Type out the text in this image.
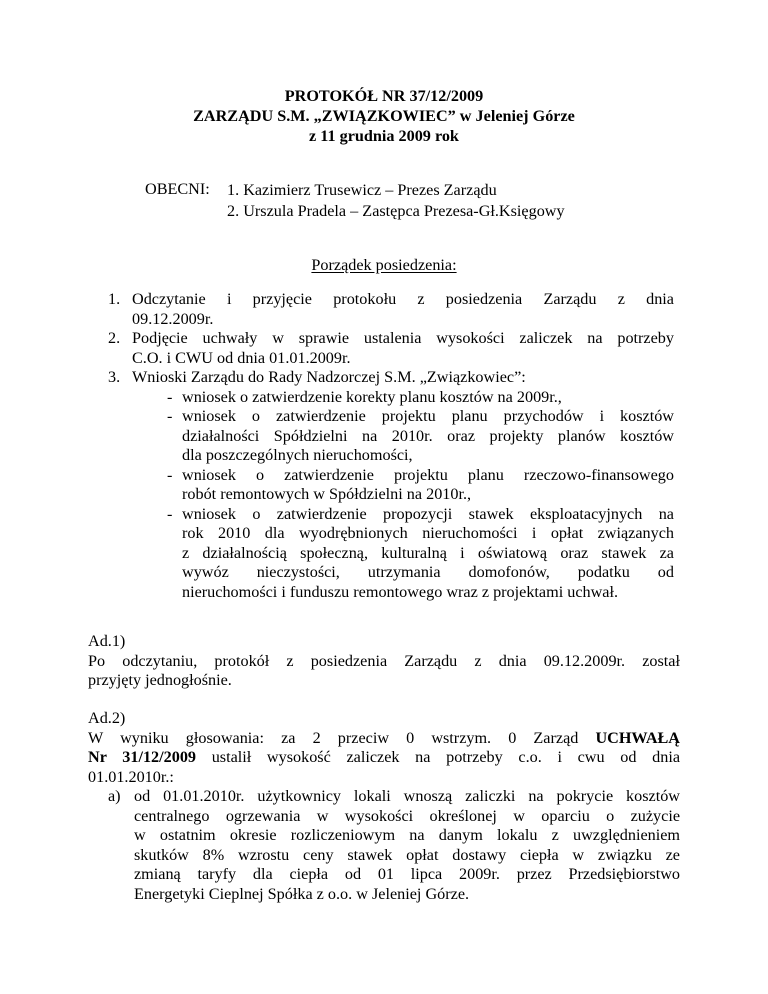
PROTOKÓŁ NR 37/12/2009
ZARZĄDU S.M. „ZWIĄZKOWIEC” w Jeleniej Górze
z 11 grudnia 2009 rok
OBECNI: 1. Kazimierz Trusewicz – Prezes Zarządu
2. Urszula Pradela – Zastępca Prezesa-Gł.Księgowy
Porządek posiedzenia:
1. Odczytanie i przyjęcie protokołu z posiedzenia Zarządu z dnia
09.12.2009r.
2. Podjęcie uchwały w sprawie ustalenia wysokości zaliczek na potrzeby
C.O. i CWU od dnia 01.01.2009r.
3. Wnioski Zarządu do Rady Nadzorczej S.M. „Związkowiec”:
- wniosek o zatwierdzenie korekty planu kosztów na 2009r.,
- wniosek o zatwierdzenie projektu planu przychodów i kosztów
działalności Spółdzielni na 2010r. oraz projekty planów kosztów
dla poszczególnych nieruchomości,
- wniosek o zatwierdzenie projektu planu rzeczowo-finansowego
robót remontowych w Spółdzielni na 2010r.,
- wniosek o zatwierdzenie propozycji stawek eksploatacyjnych na
rok 2010 dla wyodrębnionych nieruchomości i opłat związanych
z działalnością społeczną, kulturalną i oświatową oraz stawek za
wywóz nieczystości, utrzymania domofonów, podatku od
nieruchomości i funduszu remontowego wraz z projektami uchwał.
Ad.1)
Po odczytaniu, protokół z posiedzenia Zarządu z dnia 09.12.2009r. został
przyjęty jednogłośnie.
Ad.2)
W wyniku głosowania: za 2 przeciw 0 wstrzym. 0 Zarząd UCHWAŁĄ
Nr 31/12/2009 ustalił wysokość zaliczek na potrzeby c.o. i cwu od dnia
01.01.2010r.:
a) od 01.01.2010r. użytkownicy lokali wnoszą zaliczki na pokrycie kosztów
centralnego ogrzewania w wysokości określonej w oparciu o zużycie
w ostatnim okresie rozliczeniowym na danym lokalu z uwzględnieniem
skutków 8% wzrostu ceny stawek opłat dostawy ciepła w związku ze
zmianą taryfy dla ciepła od 01 lipca 2009r. przez Przedsiębiorstwo
Energetyki Cieplnej Spółka z o.o. w Jeleniej Górze.
